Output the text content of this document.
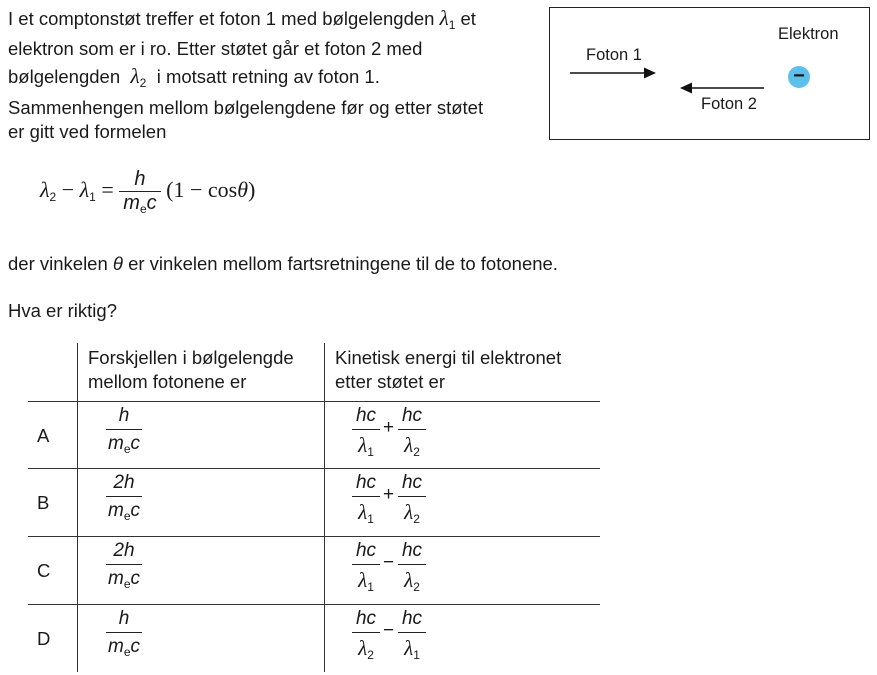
I et comptonstøt treffer et foton 1 med bølgelengden $\lambda_1$ et
elektron som er i ro. Etter støtet går et foton 2 med
bølgelengden $\lambda_2$ i motsatt retning av foton 1.
Sammenhengen mellom bølgelengdene før og etter støtet
er gitt ved formelen
Foton 1
Foton 2
Elektron
−
$\lambda_2 - \lambda_1 = \frac{h}{m_ec} (1 - \cos\theta)$
der vinkelen θ er vinkelen mellom fartsretningene til de to fotonene.
Hva er riktig?
Forskjellen i bølgelengde
mellom fotonene er
Kinetisk energi til elektronet
etter støtet er
A
h
$m_ec$
hc
$\lambda_1$
+
hc
$\lambda_2$
B
2h
$m_ec$
hc
$\lambda_1$
+
hc
$\lambda_2$
C
2h
$m_ec$
hc
$\lambda_1$
−
hc
$\lambda_2$
D
h
$m_ec$
hc
$\lambda_2$
−
hc
$\lambda_1$
